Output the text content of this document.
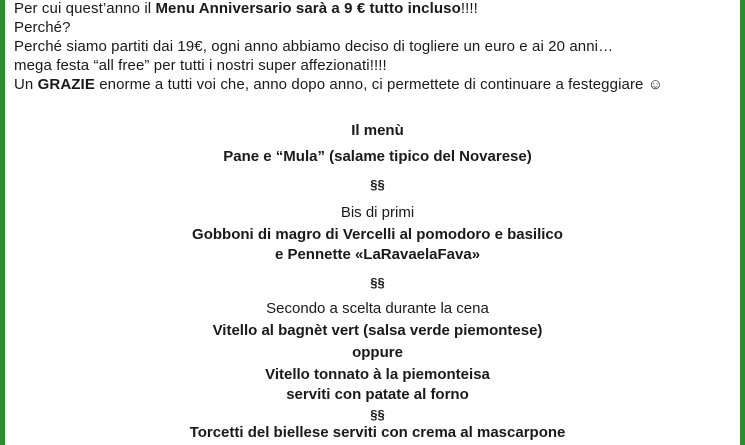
Per cui quest’anno il Menu Anniversario sarà a 9 € tutto incluso!!!!
Perché?
Perché siamo partiti dai 19€, ogni anno abbiamo deciso di togliere un euro e ai 20 anni…
mega festa “all free” per tutti i nostri super affezionati!!!!
Un GRAZIE enorme a tutti voi che, anno dopo anno, ci permettete di continuare a festeggiare ☺
Il menù
Pane e “Mula” (salame tipico del Novarese)
§§
Bis di primi
Gobboni di magro di Vercelli al pomodoro e basilico
e Pennette «LaRavaelaFava»
§§
Secondo a scelta durante la cena
Vitello al bagnèt vert (salsa verde piemontese)
oppure
Vitello tonnato à la piemonteisa
serviti con patate al forno
§§
Torcetti del biellese serviti con crema al mascarpone
